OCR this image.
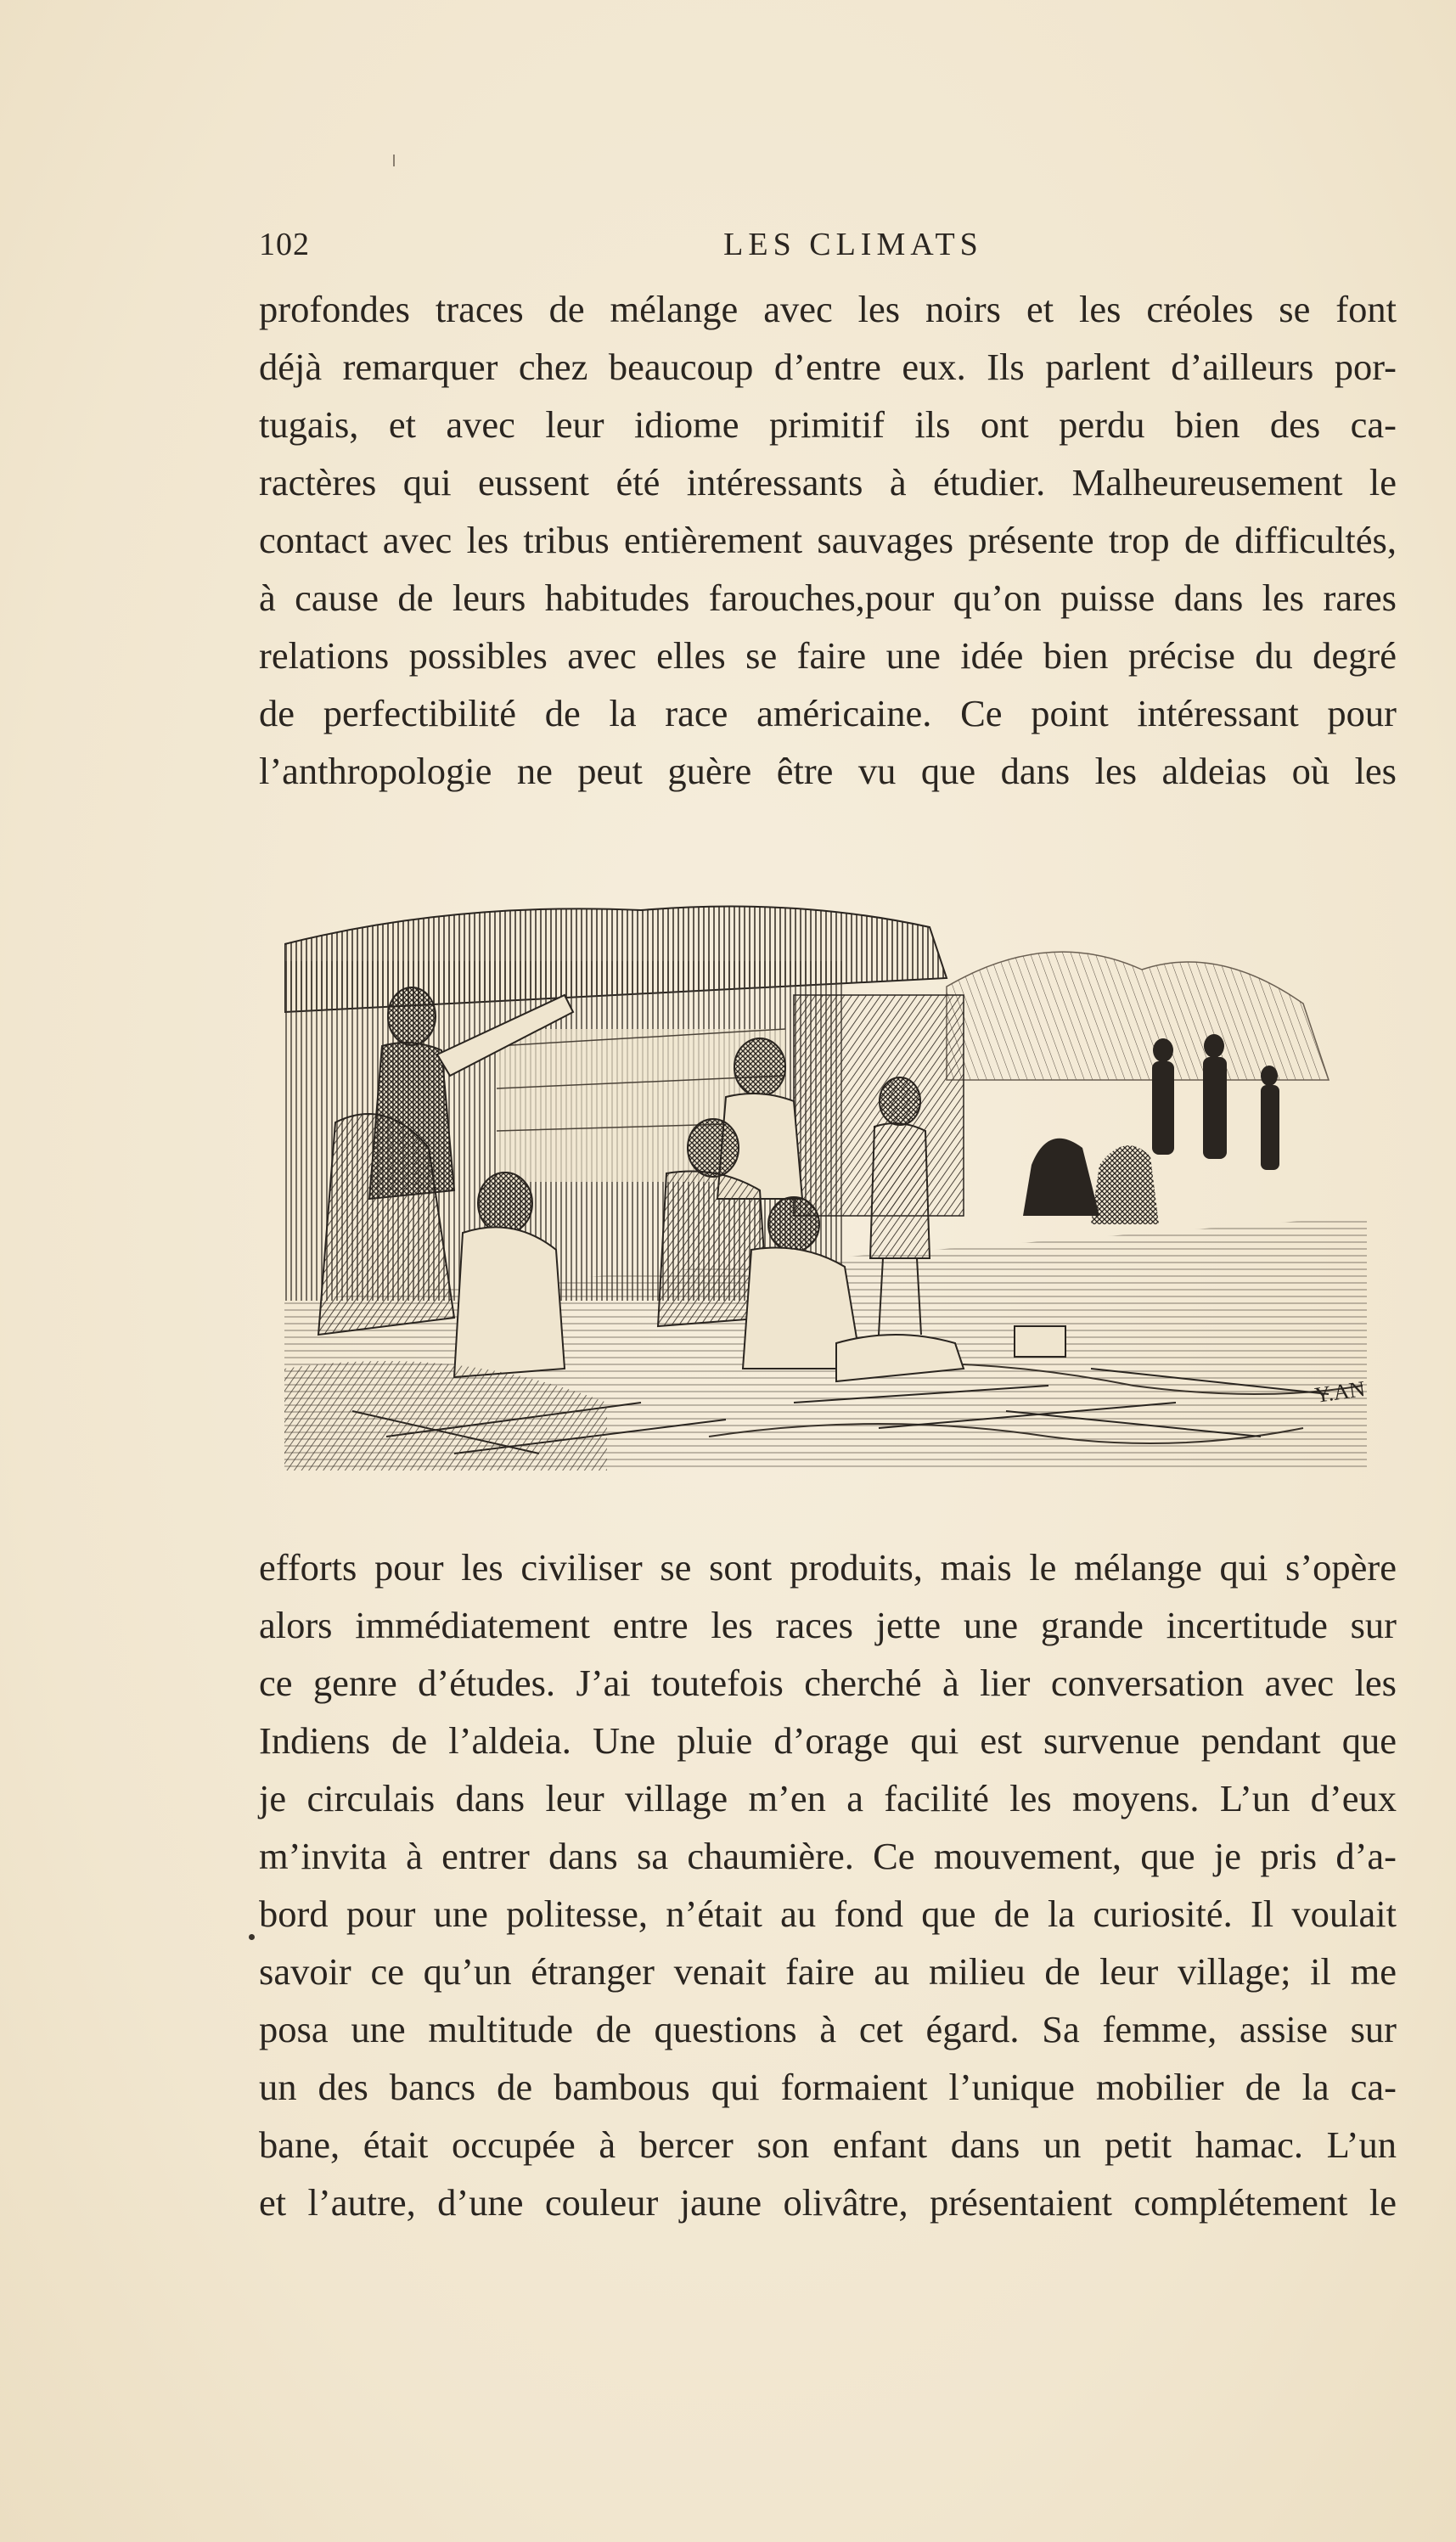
102	LES CLIMATS
profondes traces de mélange avec les noirs et les créoles se font
déjà remarquer chez beaucoup d’entre eux. Ils parlent d’ailleurs por-
tugais, et avec leur idiome primitif ils ont perdu bien des ca-
ractères qui eussent été intéressants à étudier. Malheureusement le
contact avec les tribus entièrement sauvages présente trop de difficultés,
à cause de leurs habitudes farouches,pour qu’on puisse dans les rares
relations possibles avec elles se faire une idée bien précise du degré
de perfectibilité de la race américaine. Ce point intéressant pour
l’anthropologie ne peut guère être vu que dans les aldeias où les
Y.AN
efforts pour les civiliser se sont produits, mais le mélange qui s’opère
alors immédiatement entre les races jette une grande incertitude sur
ce genre d’études. J’ai toutefois cherché à lier conversation avec les
Indiens de l’aldeia. Une pluie d’orage qui est survenue pendant que
je circulais dans leur village m’en a facilité les moyens. L’un d’eux
m’invita à entrer dans sa chaumière. Ce mouvement, que je pris d’a-
bord pour une politesse, n’était au fond que de la curiosité. Il voulait
savoir ce qu’un étranger venait faire au milieu de leur village; il me
posa une multitude de questions à cet égard. Sa femme, assise sur
un des bancs de bambous qui formaient l’unique mobilier de la ca-
bane, était occupée à bercer son enfant dans un petit hamac. L’un
et l’autre, d’une couleur jaune olivâtre, présentaient complétement le
